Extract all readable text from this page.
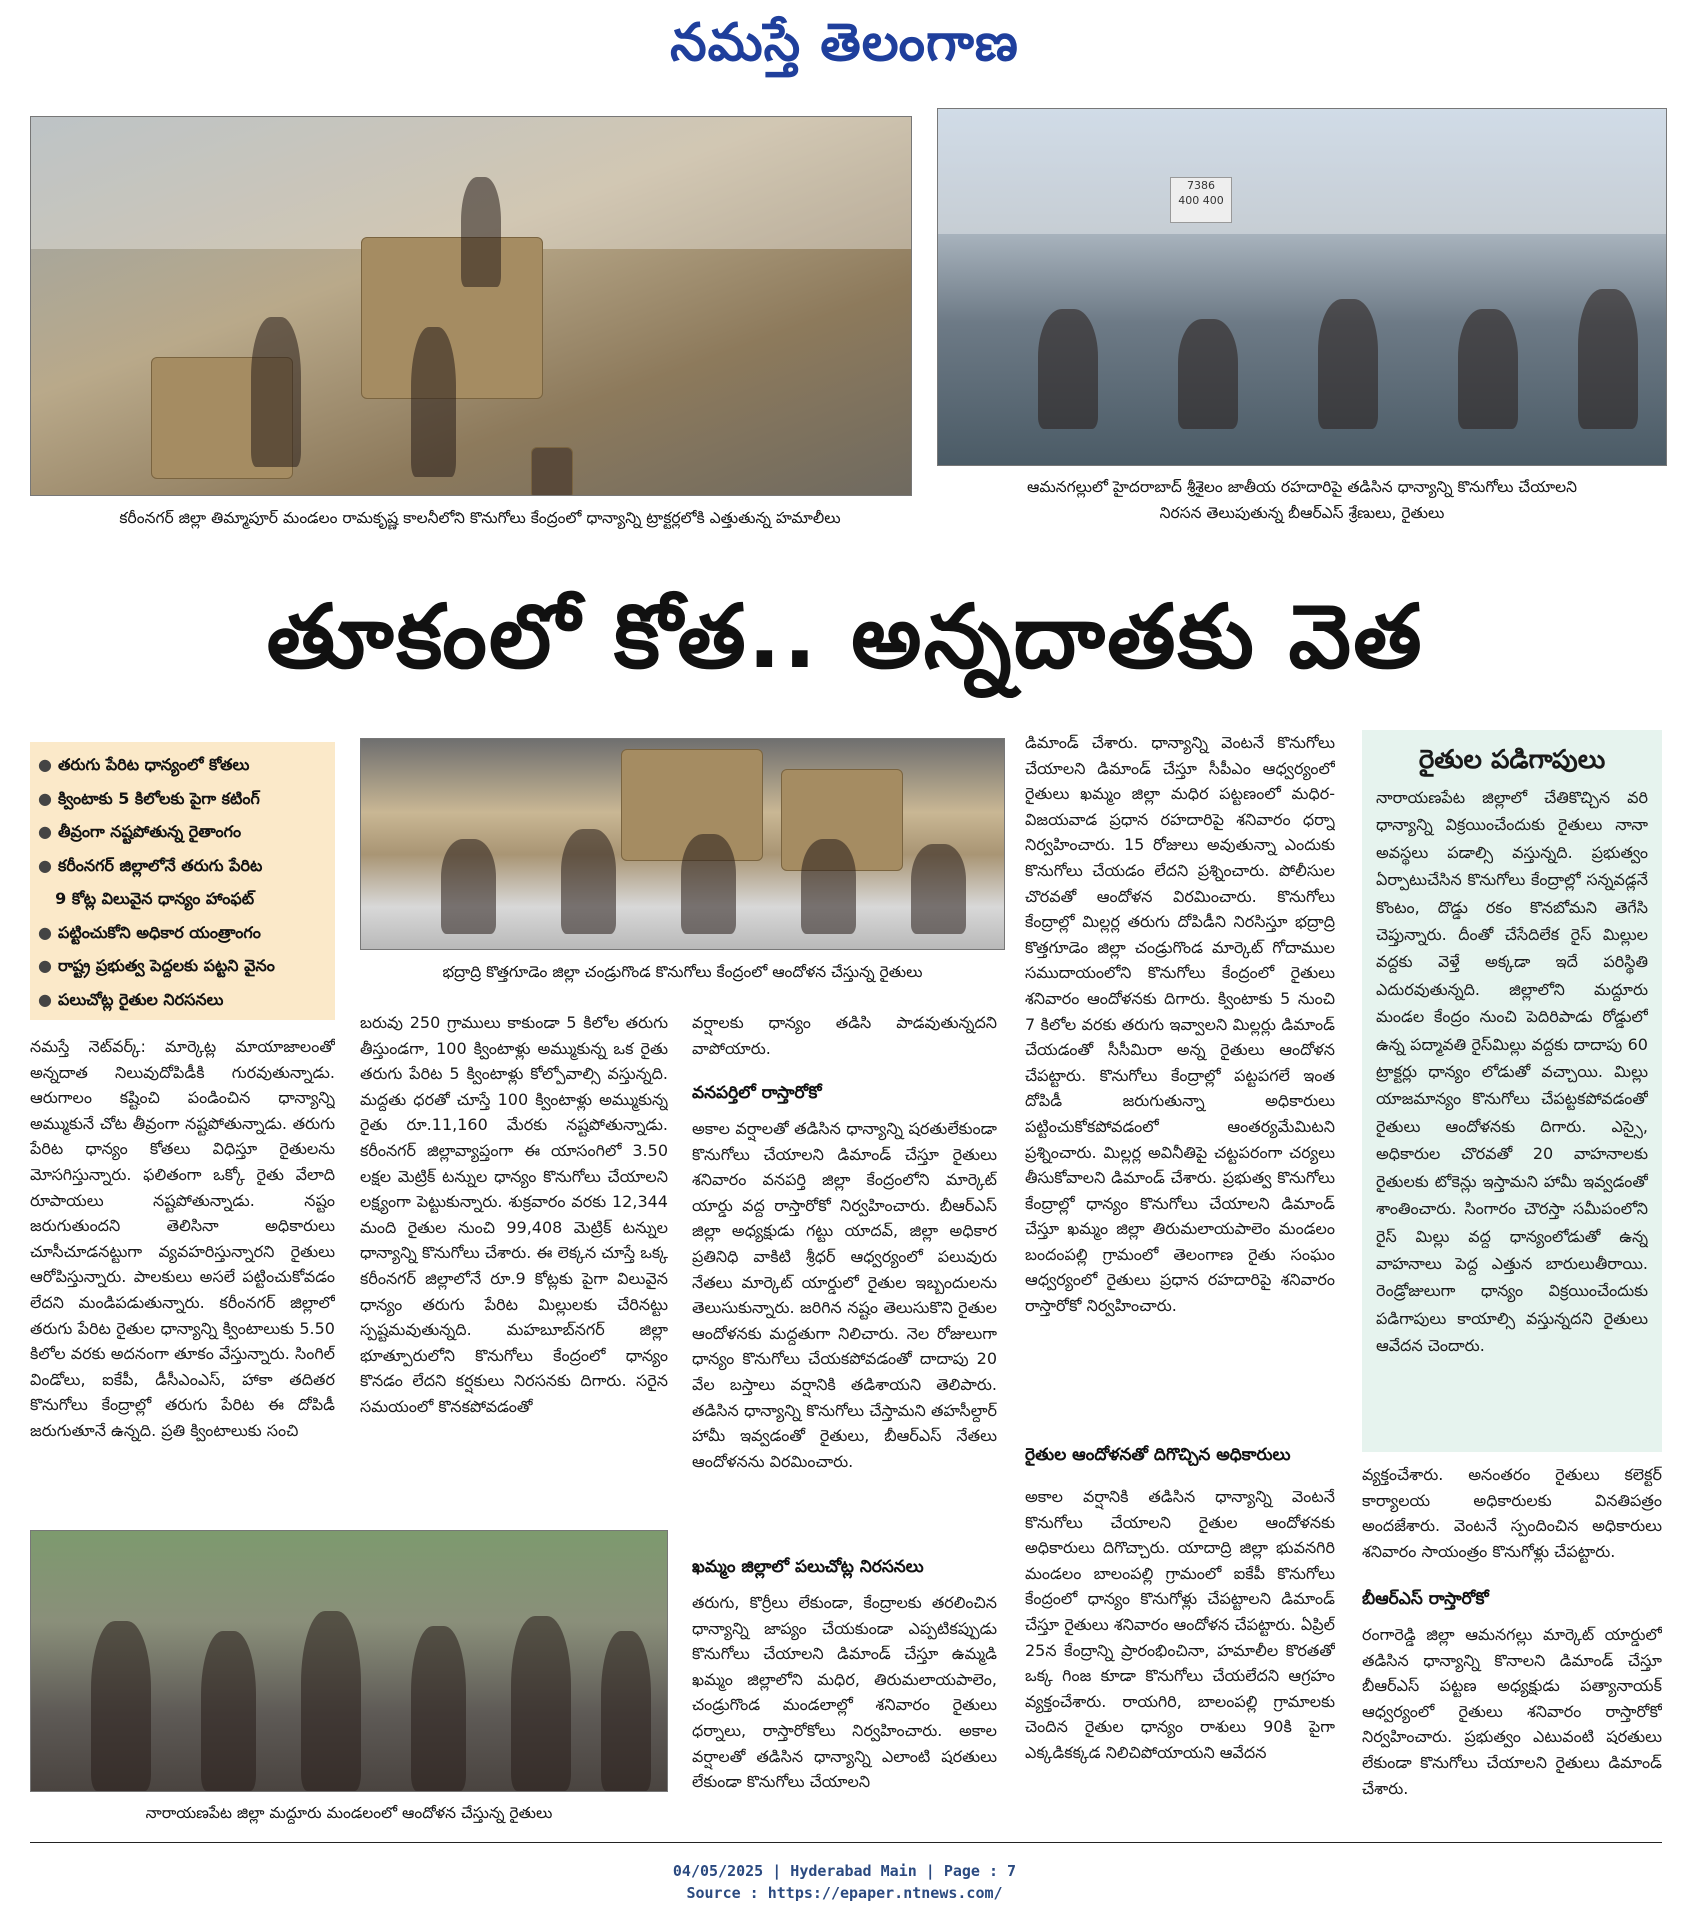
నమస్తే తెలంగాణ
కరీంనగర్ జిల్లా తిమ్మాపూర్ మండలం రామకృష్ణ కాలనీలోని కొనుగోలు కేంద్రంలో ధాన్యాన్ని ట్రాక్టర్లలోకి ఎత్తుతున్న హమాలీలు
7386
400 400
ఆమనగల్లులో హైదరాబాద్ శ్రీశైలం జాతీయ రహదారిపై తడిసిన ధాన్యాన్ని కొనుగోలు చేయాలని
నిరసన తెలుపుతున్న బీఆర్ఎస్ శ్రేణులు, రైతులు
తూకంలో కోత.. అన్నదాతకు వెత
● తరుగు పేరిట ధాన్యంలో కోతలు
● క్వింటాకు 5 కిలోలకు పైగా కటింగ్
● తీవ్రంగా నష్టపోతున్న రైతాంగం
● కరీంనగర్ జిల్లాలోనే తరుగు పేరిట
9 కోట్ల విలువైన ధాన్యం హాంఫట్
● పట్టించుకోని అధికార యంత్రాంగం
● రాష్ట్ర ప్రభుత్వ పెద్దలకు పట్టని వైనం
● పలుచోట్ల రైతుల నిరసనలు
భద్రాద్రి కొత్తగూడెం జిల్లా చండ్రుగొండ కొనుగోలు కేంద్రంలో ఆందోళన చేస్తున్న రైతులు
నమస్తే నెట్‌వర్క్: మార్కెట్ల మాయాజాలంతో అన్నదాత నిలువుదోపిడీకి గురవుతున్నాడు. ఆరుగాలం కష్టించి పండించిన ధాన్యాన్ని అమ్ముకునే చోట తీవ్రంగా నష్టపోతున్నాడు. తరుగు పేరిట ధాన్యం కోతలు విధిస్తూ రైతులను మోసగిస్తున్నారు. ఫలితంగా ఒక్కో రైతు వేలాది రూపాయలు నష్టపోతున్నాడు. నష్టం జరుగుతుందని తెలిసినా అధికారులు చూసీచూడనట్టుగా వ్యవహరిస్తున్నారని రైతులు ఆరోపిస్తున్నారు. పాలకులు అసలే పట్టించుకోవడం లేదని మండిపడుతున్నారు. కరీంనగర్ జిల్లాలో తరుగు పేరిట రైతుల ధాన్యాన్ని క్వింటాలుకు 5.50 కిలోల వరకు అదనంగా తూకం వేస్తున్నారు. సింగిల్ విండోలు, ఐకేపీ, డీసీఎంఎస్, హాకా తదితర కొనుగోలు కేంద్రాల్లో తరుగు పేరిట ఈ దోపిడీ జరుగుతూనే ఉన్నది. ప్రతి క్వింటాలుకు సంచి
బరువు 250 గ్రాములు కాకుండా 5 కిలోల తరుగు తీస్తుండగా, 100 క్వింటాళ్లు అమ్ముకున్న ఒక రైతు తరుగు పేరిట 5 క్వింటాళ్లు కోల్పోవాల్సి వస్తున్నది. మద్దతు ధరతో చూస్తే 100 క్వింటాళ్లు అమ్ముకున్న రైతు రూ.11,160 మేరకు నష్టపోతున్నాడు. కరీంనగర్ జిల్లావ్యాప్తంగా ఈ యాసంగిలో 3.50 లక్షల మెట్రిక్ టన్నుల ధాన్యం కొనుగోలు చేయాలని లక్ష్యంగా పెట్టుకున్నారు. శుక్రవారం వరకు 12,344 మంది రైతుల నుంచి 99,408 మెట్రిక్ టన్నుల ధాన్యాన్ని కొనుగోలు చేశారు. ఈ లెక్కన చూస్తే ఒక్క కరీంనగర్ జిల్లాలోనే రూ.9 కోట్లకు పైగా విలువైన ధాన్యం తరుగు పేరిట మిల్లులకు చేరినట్టు స్పష్టమవుతున్నది. మహబూబ్‌నగర్ జిల్లా భూత్పూరులోని కొనుగోలు కేంద్రంలో ధాన్యం కొనడం లేదని కర్షకులు నిరసనకు దిగారు. సరైన సమయంలో కొనకపోవడంతో
నారాయణపేట జిల్లా మద్దూరు మండలంలో ఆందోళన చేస్తున్న రైతులు
వర్షాలకు ధాన్యం తడిసి పాడవుతున్నదని వాపోయారు.
వనపర్తిలో రాస్తారోకో
అకాల వర్షాలతో తడిసిన ధాన్యాన్ని షరతులేకుండా కొనుగోలు చేయాలని డిమాండ్ చేస్తూ రైతులు శనివారం వనపర్తి జిల్లా కేంద్రంలోని మార్కెట్ యార్డు వద్ద రాస్తారోకో నిర్వహించారు. బీఆర్ఎస్ జిల్లా అధ్యక్షుడు గట్టు యాదవ్, జిల్లా అధికార ప్రతినిధి వాకిటి శ్రీధర్ ఆధ్వర్యంలో పలువురు నేతలు మార్కెట్ యార్డులో రైతుల ఇబ్బందులను తెలుసుకున్నారు. జరిగిన నష్టం తెలుసుకొని రైతుల ఆందోళనకు మద్దతుగా నిలిచారు. నెల రోజులుగా ధాన్యం కొనుగోలు చేయకపోవడంతో దాదాపు 20 వేల బస్తాలు వర్షానికి తడిశాయని తెలిపారు. తడిసిన ధాన్యాన్ని కొనుగోలు చేస్తామని తహసీల్దార్ హామీ ఇవ్వడంతో రైతులు, బీఆర్ఎస్ నేతలు ఆందోళనను విరమించారు.
ఖమ్మం జిల్లాలో పలుచోట్ల నిరసనలు
తరుగు, కొర్రీలు లేకుండా, కేంద్రాలకు తరలించిన ధాన్యాన్ని జాప్యం చేయకుండా ఎప్పటికప్పుడు కొనుగోలు చేయాలని డిమాండ్ చేస్తూ ఉమ్మడి ఖమ్మం జిల్లాలోని మధిర, తిరుమలాయపాలెం, చండ్రుగొండ మండలాల్లో శనివారం రైతులు ధర్నాలు, రాస్తారోకోలు నిర్వహించారు. అకాల వర్షాలతో తడిసిన ధాన్యాన్ని ఎలాంటి షరతులు లేకుండా కొనుగోలు చేయాలని
డిమాండ్ చేశారు. ధాన్యాన్ని వెంటనే కొనుగోలు చేయాలని డిమాండ్ చేస్తూ సీపీఎం ఆధ్వర్యంలో రైతులు ఖమ్మం జిల్లా మధిర పట్టణంలో మధిర-విజయవాడ ప్రధాన రహదారిపై శనివారం ధర్నా నిర్వహించారు. 15 రోజులు అవుతున్నా ఎందుకు కొనుగోలు చేయడం లేదని ప్రశ్నించారు. పోలీసుల చొరవతో ఆందోళన విరమించారు. కొనుగోలు కేంద్రాల్లో మిల్లర్ల తరుగు దోపిడీని నిరసిస్తూ భద్రాద్రి కొత్తగూడెం జిల్లా చండ్రుగొండ మార్కెట్ గోదాముల సముదాయంలోని కొనుగోలు కేంద్రంలో రైతులు శనివారం ఆందోళనకు దిగారు. క్వింటాకు 5 నుంచి 7 కిలోల వరకు తరుగు ఇవ్వాలని మిల్లర్లు డిమాండ్ చేయడంతో సీసీమిరా అన్న రైతులు ఆందోళన చేపట్టారు. కొనుగోలు కేంద్రాల్లో పట్టపగలే ఇంత దోపిడీ జరుగుతున్నా అధికారులు పట్టించుకోకపోవడంలో ఆంతర్యమేమిటని ప్రశ్నించారు. మిల్లర్ల అవినీతిపై చట్టపరంగా చర్యలు తీసుకోవాలని డిమాండ్ చేశారు. ప్రభుత్వ కొనుగోలు కేంద్రాల్లో ధాన్యం కొనుగోలు చేయాలని డిమాండ్ చేస్తూ ఖమ్మం జిల్లా తిరుమలాయపాలెం మండలం బందంపల్లి గ్రామంలో తెలంగాణ రైతు సంఘం ఆధ్వర్యంలో రైతులు ప్రధాన రహదారిపై శనివారం రాస్తారోకో నిర్వహించారు.
రైతుల ఆందోళనతో దిగొచ్చిన అధికారులు
అకాల వర్షానికి తడిసిన ధాన్యాన్ని వెంటనే కొనుగోలు చేయాలని రైతుల ఆందోళనకు అధికారులు దిగొచ్చారు. యాదాద్రి జిల్లా భువనగిరి మండలం బాలంపల్లి గ్రామంలో ఐకేపీ కొనుగోలు కేంద్రంలో ధాన్యం కొనుగోళ్లు చేపట్టాలని డిమాండ్ చేస్తూ రైతులు శనివారం ఆందోళన చేపట్టారు. ఏప్రిల్ 25న కేంద్రాన్ని ప్రారంభించినా, హమాలీల కొరతతో ఒక్క గింజ కూడా కొనుగోలు చేయలేదని ఆగ్రహం వ్యక్తంచేశారు. రాయగిరి, బాలంపల్లి గ్రామాలకు చెందిన రైతుల ధాన్యం రాశులు 90కి పైగా ఎక్కడికక్కడ నిలిచిపోయాయని ఆవేదన
రైతుల పడిగాపులు
నారాయణపేట జిల్లాలో చేతికొచ్చిన వరి ధాన్యాన్ని విక్రయించేందుకు రైతులు నానా అవస్థలు పడాల్సి వస్తున్నది. ప్రభుత్వం ఏర్పాటుచేసిన కొనుగోలు కేంద్రాల్లో సన్నవడ్లనే కొంటం, దొడ్డు రకం కొనబోమని తెగేసి చెప్తున్నారు. దీంతో చేసేదిలేక రైస్ మిల్లుల వద్దకు వెళ్తే అక్కడా ఇదే పరిస్థితి ఎదురవుతున్నది. జిల్లాలోని మద్దూరు మండల కేంద్రం నుంచి పెదిరిపాడు రోడ్డులో ఉన్న పద్మావతి రైస్‌మిల్లు వద్దకు దాదాపు 60 ట్రాక్టర్లు ధాన్యం లోడుతో వచ్చాయి. మిల్లు యాజమాన్యం కొనుగోలు చేపట్టకపోవడంతో రైతులు ఆందోళనకు దిగారు. ఎస్సై, అధికారుల చొరవతో 20 వాహనాలకు రైతులకు టోకెన్లు ఇస్తామని హామీ ఇవ్వడంతో శాంతించారు. సింగారం చౌరస్తా సమీపంలోని రైస్ మిల్లు వద్ద ధాన్యంలోడుతో ఉన్న వాహనాలు పెద్ద ఎత్తున బారులుతీరాయి. రెండ్రోజులుగా ధాన్యం విక్రయించేందుకు పడిగాపులు కాయాల్సి వస్తున్నదని రైతులు ఆవేదన చెందారు.
వ్యక్తంచేశారు. అనంతరం రైతులు కలెక్టర్ కార్యాలయ అధికారులకు వినతిపత్రం అందజేశారు. వెంటనే స్పందించిన అధికారులు శనివారం సాయంత్రం కొనుగోళ్లు చేపట్టారు.
బీఆర్ఎస్ రాస్తారోకో
రంగారెడ్డి జిల్లా ఆమనగల్లు మార్కెట్ యార్డులో తడిసిన ధాన్యాన్ని కొనాలని డిమాండ్ చేస్తూ బీఆర్ఎస్ పట్టణ అధ్యక్షుడు పత్యానాయక్ ఆధ్వర్యంలో రైతులు శనివారం రాస్తారోకో నిర్వహించారు. ప్రభుత్వం ఎటువంటి షరతులు లేకుండా కొనుగోలు చేయాలని రైతులు డిమాండ్ చేశారు.
04/05/2025 | Hyderabad Main | Page : 7
Source : https://epaper.ntnews.com/
